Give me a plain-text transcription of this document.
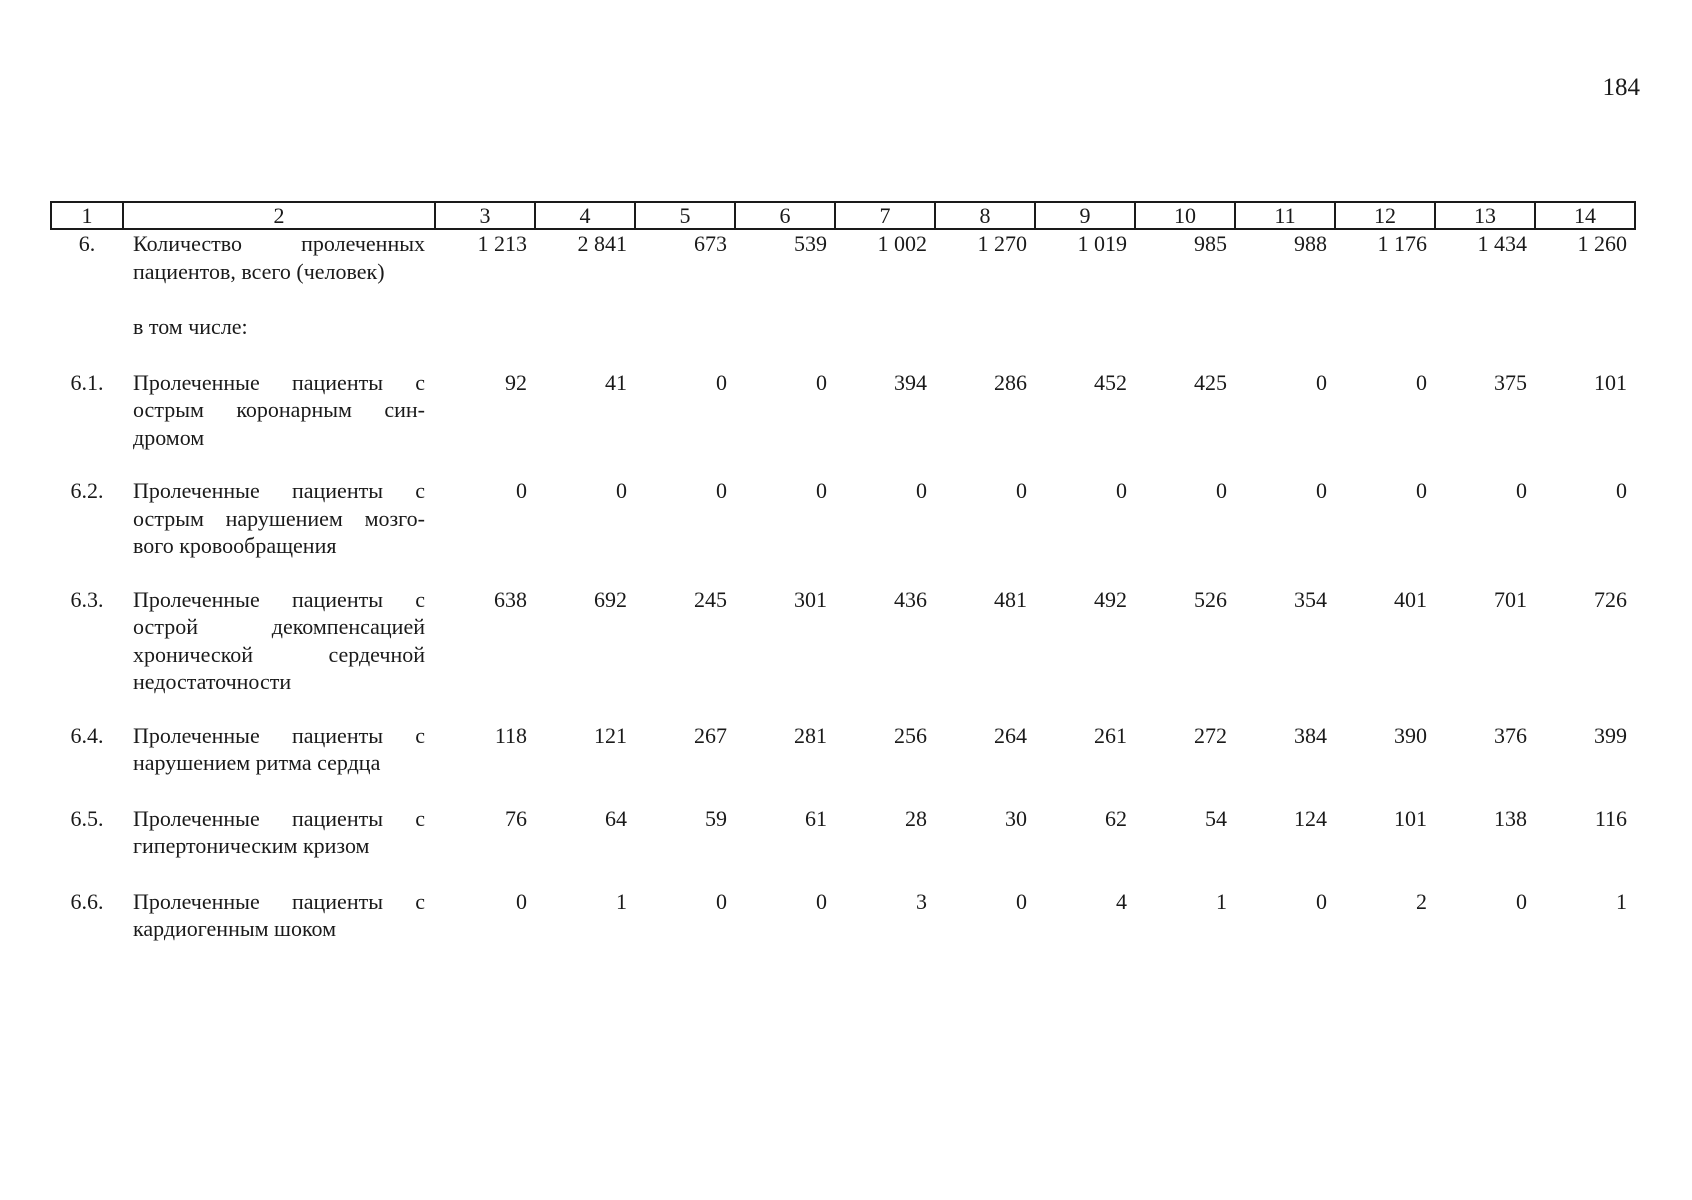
184
1	2	3	4	5	6	7	8	9	10	11	12	13	14
6.	Количество пролеченных пациентов, всего (человек)	1 213	2 841	673	539	1 002	1 270	1 019	985	988	1 176	1 434	1 260
	в том числе:												
6.1.	Пролеченные пациенты с острым коронарным синдромом	92	41	0	0	394	286	452	425	0	0	375	101
6.2.	Пролеченные пациенты с острым нарушением мозгового кровообращения	0	0	0	0	0	0	0	0	0	0	0	0
6.3.	Пролеченные пациенты с острой декомпенсацией хронической сердечной недостаточности	638	692	245	301	436	481	492	526	354	401	701	726
6.4.	Пролеченные пациенты с нарушением ритма сердца	118	121	267	281	256	264	261	272	384	390	376	399
6.5.	Пролеченные пациенты с гипертоническим кризом	76	64	59	61	28	30	62	54	124	101	138	116
6.6.	Пролеченные пациенты с кардиогенным шоком	0	1	0	0	3	0	4	1	0	2	0	1
